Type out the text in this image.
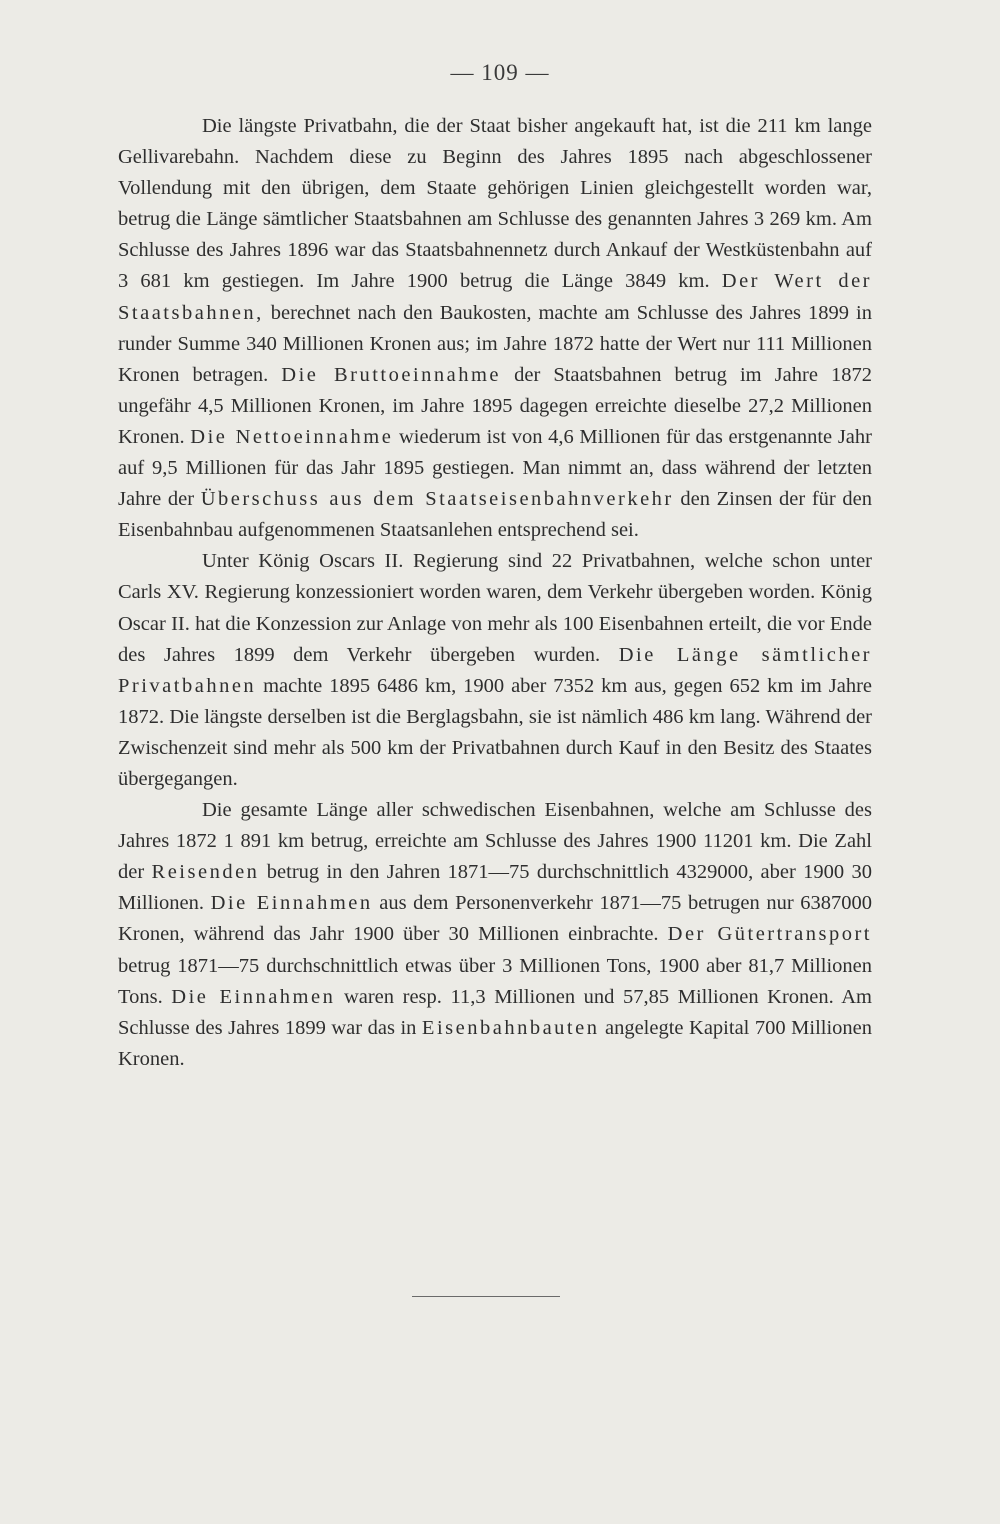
— 109 —

Die längste Privatbahn, die der Staat bisher angekauft hat, ist die 211 km lange Gellivarebahn. Nachdem diese zu Beginn des Jahres 1895 nach abgeschlossener Vollendung mit den übrigen, dem Staate gehörigen Linien gleichgestellt worden war, betrug die Länge sämtlicher Staatsbahnen am Schlusse des genannten Jahres 3 269 km. Am Schlusse des Jahres 1896 war das Staatsbahnennetz durch Ankauf der Westküstenbahn auf 3 681 km gestiegen. Im Jahre 1900 betrug die Länge 3849 km. Der Wert der Staatsbahnen, berechnet nach den Baukosten, machte am Schlusse des Jahres 1899 in runder Summe 340 Millionen Kronen aus; im Jahre 1872 hatte der Wert nur 111 Millionen Kronen betragen. Die Bruttoeinnahme der Staatsbahnen betrug im Jahre 1872 ungefähr 4,5 Millionen Kronen, im Jahre 1895 dagegen erreichte dieselbe 27,2 Millionen Kronen. Die Nettoeinnahme wiederum ist von 4,6 Millionen für das erstgenannte Jahr auf 9,5 Millionen für das Jahr 1895 gestiegen. Man nimmt an, dass während der letzten Jahre der Überschuss aus dem Staatseisenbahnverkehr den Zinsen der für den Eisenbahnbau aufgenommenen Staatsanlehen entsprechend sei.

Unter König Oscars II. Regierung sind 22 Privatbahnen, welche schon unter Carls XV. Regierung konzessioniert worden waren, dem Verkehr übergeben worden. König Oscar II. hat die Konzession zur Anlage von mehr als 100 Eisenbahnen erteilt, die vor Ende des Jahres 1899 dem Verkehr übergeben wurden. Die Länge sämtlicher Privatbahnen machte 1895 6486 km, 1900 aber 7352 km aus, gegen 652 km im Jahre 1872. Die längste derselben ist die Berglagsbahn, sie ist nämlich 486 km lang. Während der Zwischenzeit sind mehr als 500 km der Privatbahnen durch Kauf in den Besitz des Staates übergegangen.

Die gesamte Länge aller schwedischen Eisenbahnen, welche am Schlusse des Jahres 1872 1 891 km betrug, erreichte am Schlusse des Jahres 1900 11201 km. Die Zahl der Reisenden betrug in den Jahren 1871—75 durchschnittlich 4329000, aber 1900 30 Millionen. Die Einnahmen aus dem Personenverkehr 1871—75 betrugen nur 6387000 Kronen, während das Jahr 1900 über 30 Millionen einbrachte. Der Gütertransport betrug 1871—75 durchschnittlich etwas über 3 Millionen Tons, 1900 aber 81,7 Millionen Tons. Die Einnahmen waren resp. 11,3 Millionen und 57,85 Millionen Kronen. Am Schlusse des Jahres 1899 war das in Eisenbahnbauten angelegte Kapital 700 Millionen Kronen.
